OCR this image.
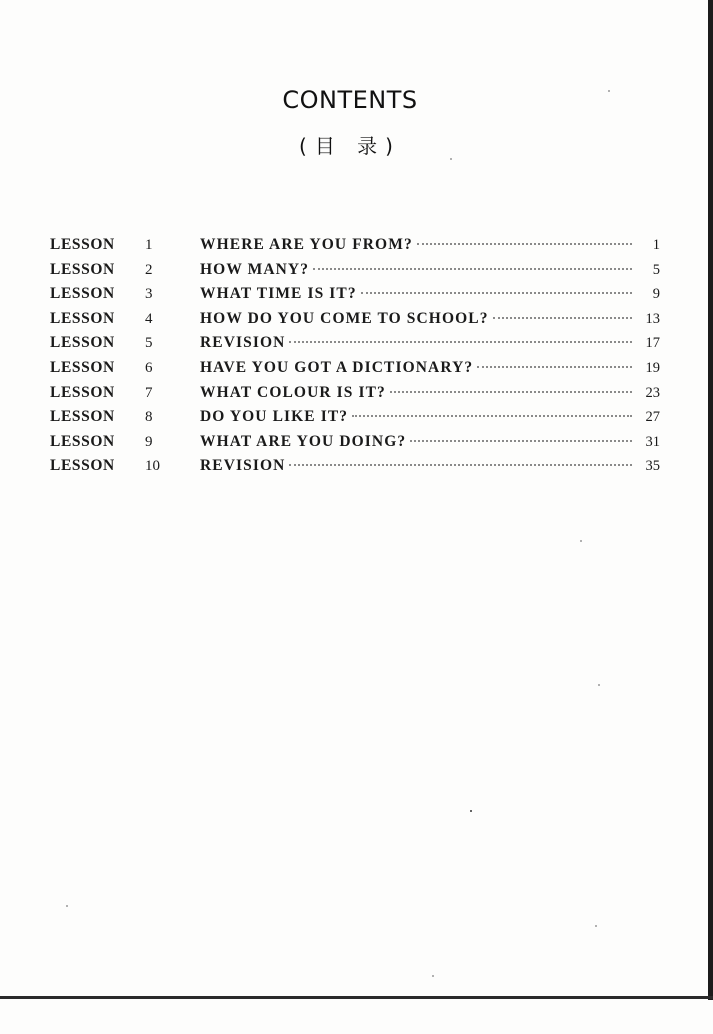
CONTENTS
(目 录)
LESSON 1	WHERE ARE YOU FROM?	1
LESSON 2	HOW MANY?	5
LESSON 3	WHAT TIME IS IT?	9
LESSON 4	HOW DO YOU COME TO SCHOOL?	13
LESSON 5	REVISION	17
LESSON 6	HAVE YOU GOT A DICTIONARY?	19
LESSON 7	WHAT COLOUR IS IT?	23
LESSON 8	DO YOU LIKE IT?	27
LESSON 9	WHAT ARE YOU DOING?	31
LESSON 10	REVISION	35
